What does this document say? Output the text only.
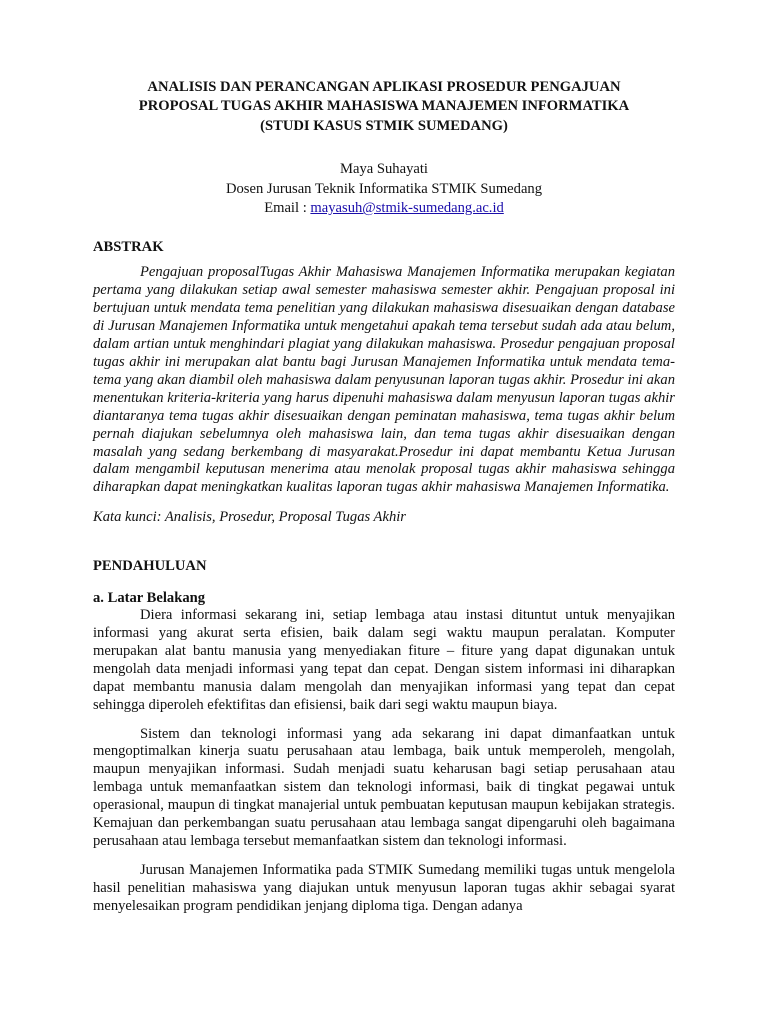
ANALISIS DAN PERANCANGAN APLIKASI PROSEDUR PENGAJUAN

PROPOSAL TUGAS AKHIR MAHASISWA MANAJEMEN INFORMATIKA

(STUDI KASUS STMIK SUMEDANG)

Maya Suhayati
Dosen Jurusan Teknik Informatika STMIK Sumedang
Email : mayasuh@stmik-sumedang.ac.id
ABSTRAK

Pengajuan proposalTugas Akhir Mahasiswa Manajemen Informatika merupakan kegiatan pertama yang dilakukan setiap awal semester mahasiswa semester akhir. Pengajuan proposal ini bertujuan untuk mendata tema penelitian yang dilakukan mahasiswa disesuaikan dengan database di Jurusan Manajemen Informatika untuk mengetahui apakah tema tersebut sudah ada atau belum, dalam artian untuk menghindari plagiat yang dilakukan mahasiswa. Prosedur pengajuan proposal tugas akhir ini merupakan alat bantu bagi Jurusan Manajemen Informatika untuk mendata tema-tema yang akan diambil oleh mahasiswa dalam penyusunan laporan tugas akhir. Prosedur ini akan menentukan kriteria-kriteria yang harus dipenuhi mahasiswa dalam menyusun laporan tugas akhir diantaranya tema tugas akhir disesuaikan dengan peminatan mahasiswa, tema tugas akhir belum pernah diajukan sebelumnya oleh mahasiswa lain, dan tema tugas akhir disesuaikan dengan masalah yang sedang berkembang di masyarakat.Prosedur ini dapat membantu Ketua Jurusan dalam mengambil keputusan menerima atau menolak proposal tugas akhir mahasiswa sehingga diharapkan dapat meningkatkan kualitas laporan tugas akhir mahasiswa Manajemen Informatika.

Kata kunci: Analisis, Prosedur, Proposal Tugas Akhir

PENDAHULUAN
a. Latar Belakang

Diera informasi sekarang ini, setiap lembaga atau instasi dituntut untuk menyajikan informasi yang akurat serta efisien, baik dalam segi waktu maupun peralatan. Komputer merupakan alat bantu manusia yang menyediakan fiture – fiture yang dapat digunakan untuk mengolah data menjadi informasi yang tepat dan cepat. Dengan sistem informasi ini diharapkan dapat membantu manusia dalam mengolah dan menyajikan informasi yang tepat dan cepat sehingga diperoleh efektifitas dan efisiensi, baik dari segi waktu maupun biaya.

Sistem dan teknologi informasi yang ada sekarang ini dapat dimanfaatkan untuk mengoptimalkan kinerja suatu perusahaan atau lembaga, baik untuk memperoleh, mengolah, maupun menyajikan informasi. Sudah menjadi suatu keharusan bagi setiap perusahaan atau lembaga untuk memanfaatkan sistem dan teknologi informasi, baik di tingkat pegawai untuk operasional, maupun di tingkat manajerial untuk pembuatan keputusan maupun kebijakan strategis. Kemajuan dan perkembangan suatu perusahaan atau lembaga sangat dipengaruhi oleh bagaimana perusahaan atau lembaga tersebut memanfaatkan sistem dan teknologi informasi.

Jurusan Manajemen Informatika pada STMIK Sumedang memiliki tugas untuk mengelola hasil penelitian mahasiswa yang diajukan untuk menyusun laporan tugas akhir sebagai syarat menyelesaikan program pendidikan jenjang diploma tiga. Dengan adanya
